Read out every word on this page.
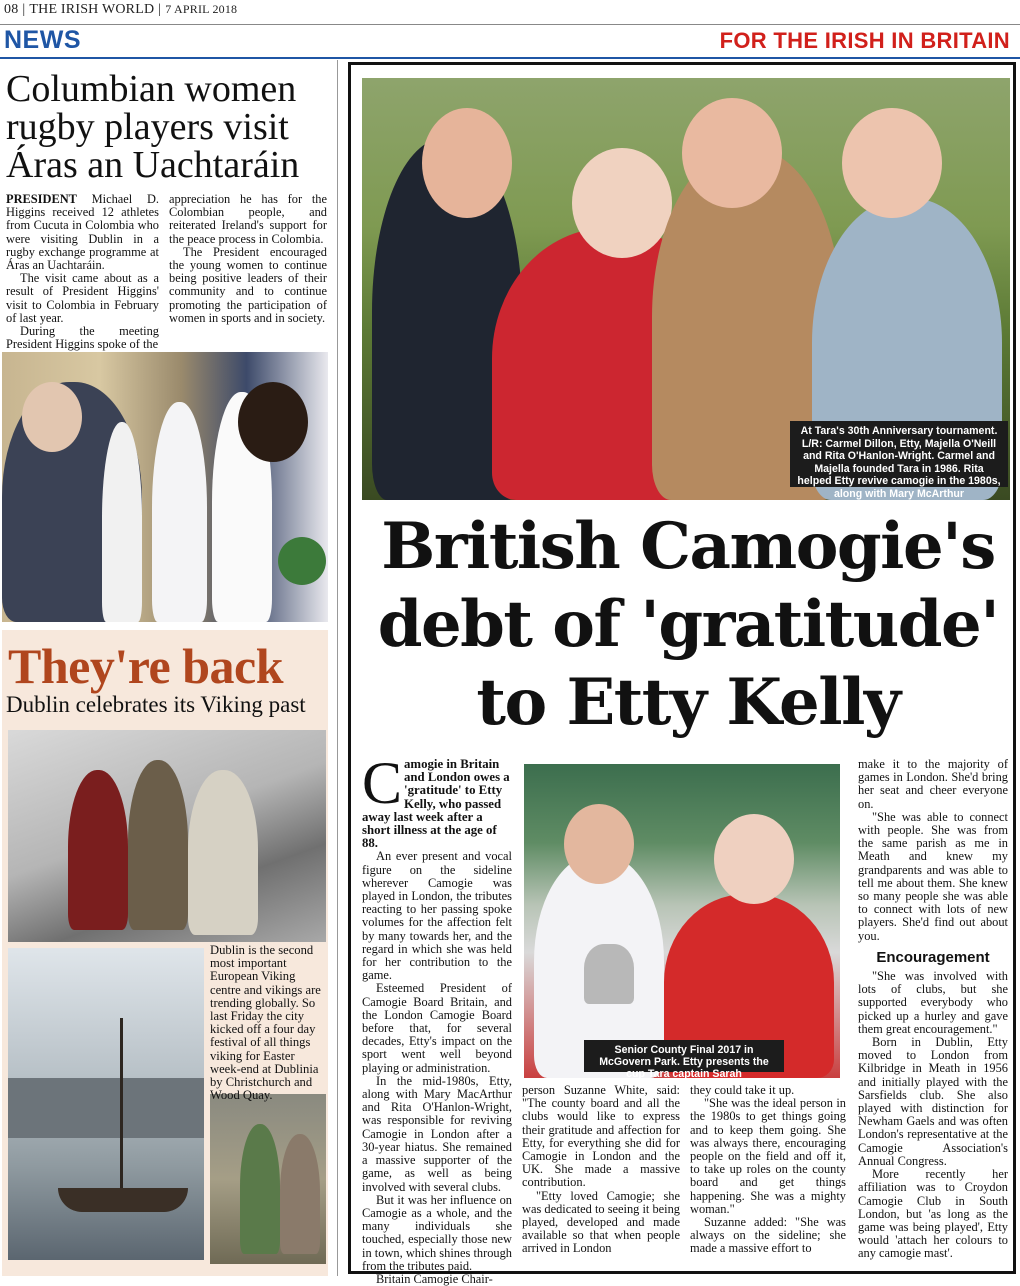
08 | THE IRISH WORLD | 7 APRIL 2018
NEWS	FOR THE IRISH IN BRITAIN
Columbian women rugby players visit Áras an Uachtaráin

PRESIDENT Michael D. Higgins received 12 athletes from Cucuta in Colombia who were visiting Dublin in a rugby exchange programme at Áras an Uachtaráin.

The visit came about as a result of President Higgins' visit to Colombia in February of last year.

During the meeting President Higgins spoke of the

appreciation he has for the Colombian people, and reiterated Ireland's support for the peace process in Colombia.

The President encouraged the young women to continue being positive leaders of their community and to continue promoting the participation of women in sports and in society.

They're back
Dublin celebrates its Viking past
Dublin is the second most important European Viking centre and vikings are trending globally. So last Friday the city kicked off a four day festival of all things viking for Easter week-end at Dublinia by Christchurch and Wood Quay.
At Tara's 30th Anniversary tournament. L/R: Carmel Dillon, Etty, Majella O'Neill and Rita O'Hanlon-Wright. Carmel and Majella founded Tara in 1986. Rita helped Etty revive camogie in the 1980s, along with Mary McArthur
British Camogie's
debt of 'gratitude'
to Etty Kelly
Camogie in Britain and London owes a 'gratitude' to Etty Kelly, who passed away last week after a short illness at the age of 88.

An ever present and vocal figure on the sideline wherever Camogie was played in London, the tributes reacting to her passing spoke volumes for the affection felt by many towards her, and the regard in which she was held for her contribution to the game.

Esteemed President of Camogie Board Britain, and the London Camogie Board before that, for several decades, Etty's impact on the sport went well beyond playing or administration.

In the mid-1980s, Etty, along with Mary MacArthur and Rita O'Hanlon-Wright, was responsible for reviving Camogie in London after a 30-year hiatus. She remained a massive supporter of the game, as well as being involved with several clubs.

But it was her influence on Camogie as a whole, and the many individuals she touched, especially those new in town, which shines through from the tributes paid.

Britain Camogie Chair-

Senior County Final 2017 in McGovern Park. Etty presents the cup Tara captain Sarah

person Suzanne White, said: "The county board and all the clubs would like to express their gratitude and affection for Etty, for everything she did for Camogie in London and the UK. She made a massive contribution.

"Etty loved Camogie; she was dedicated to seeing it being played, developed and made available so that when people arrived in London

they could take it up.

"She was the ideal person in the 1980s to get things going and to keep them going. She was always there, encouraging people on the field and off it, to take up roles on the county board and get things happening. She was a mighty woman."

Suzanne added: "She was always on the sideline; she made a massive effort to

make it to the majority of games in London. She'd bring her seat and cheer everyone on.

"She was able to connect with people. She was from the same parish as me in Meath and knew my grandparents and was able to tell me about them. She knew so many people she was able to connect with lots of new players. She'd find out about you.

Encouragement

"She was involved with lots of clubs, but she supported everybody who picked up a hurley and gave them great encouragement."

Born in Dublin, Etty moved to London from Kilbridge in Meath in 1956 and initially played with the Sarsfields club. She also played with distinction for Newham Gaels and was often London's representative at the Camogie Association's Annual Congress.

More recently her affiliation was to Croydon Camogie Club in South London, but 'as long as the game was being played', Etty would 'attach her colours to any camogie mast'.
